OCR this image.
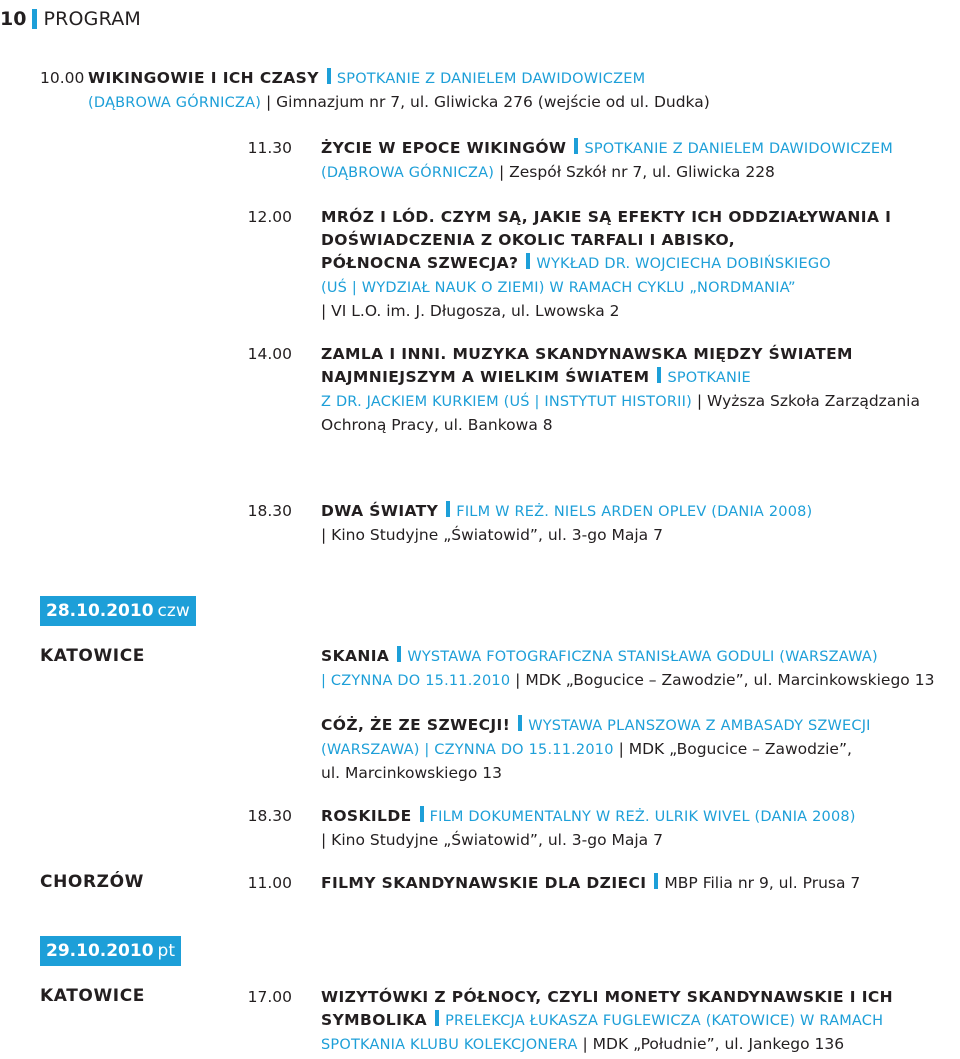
10 PROGRAM
10.00 WIKINGOWIE I ICH CZASY SPOTKANIE Z DANIELEM DAWIDOWICZEM
(DĄBROWA GÓRNICZA) | Gimnazjum nr 7, ul. Gliwicka 276 (wejście od ul. Dudka)
11.30 ŻYCIE W EPOCE WIKINGÓW SPOTKANIE Z DANIELEM DAWIDOWICZEM
(DĄBROWA GÓRNICZA) | Zespół Szkół nr 7, ul. Gliwicka 228
12.00 MRÓZ I LÓD. CZYM SĄ, JAKIE SĄ EFEKTY ICH ODDZIAŁYWANIA I
DOŚWIADCZENIA Z OKOLIC TARFALI I ABISKO,
PÓŁNOCNA SZWECJA? WYKŁAD DR. WOJCIECHA DOBIŃSKIEGO
(UŚ | WYDZIAŁ NAUK O ZIEMI) W RAMACH CYKLU „NORDMANIA”
| VI L.O. im. J. Długosza, ul. Lwowska 2
14.00 ZAMLA I INNI. MUZYKA SKANDYNAWSKA MIĘDZY ŚWIATEM
NAJMNIEJSZYM A WIELKIM ŚWIATEM SPOTKANIE
Z DR. JACKIEM KURKIEM (UŚ | INSTYTUT HISTORII) | Wyższa Szkoła Zarządzania
Ochroną Pracy, ul. Bankowa 8
18.30 DWA ŚWIATY FILM W REŻ. NIELS ARDEN OPLEV (DANIA 2008)
| Kino Studyjne „Światowid”, ul. 3-go Maja 7
SKANIA WYSTAWA FOTOGRAFICZNA STANISŁAWA GODULI (WARSZAWA)
| CZYNNA DO 15.11.2010 | MDK „Bogucice – Zawodzie”, ul. Marcinkowskiego 13
CÓŻ, ŻE ZE SZWECJI! WYSTAWA PLANSZOWA Z AMBASADY SZWECJI
(WARSZAWA) | CZYNNA DO 15.11.2010 | MDK „Bogucice – Zawodzie”,
ul. Marcinkowskiego 13
18.30 ROSKILDE FILM DOKUMENTALNY W REŻ. ULRIK WIVEL (DANIA 2008)
| Kino Studyjne „Światowid”, ul. 3-go Maja 7
11.00 FILMY SKANDYNAWSKIE DLA DZIECI MBP Filia nr 9, ul. Prusa 7
17.00 WIZYTÓWKI Z PÓŁNOCY, CZYLI MONETY SKANDYNAWSKIE I ICH
SYMBOLIKA PRELEKCJA ŁUKASZA FUGLEWICZA (KATOWICE) W RAMACH
SPOTKANIA KLUBU KOLEKCJONERA | MDK „Południe”, ul. Jankego 136
28.10.2010 czw
KATOWICE
CHORZÓW
29.10.2010 pt
KATOWICE
